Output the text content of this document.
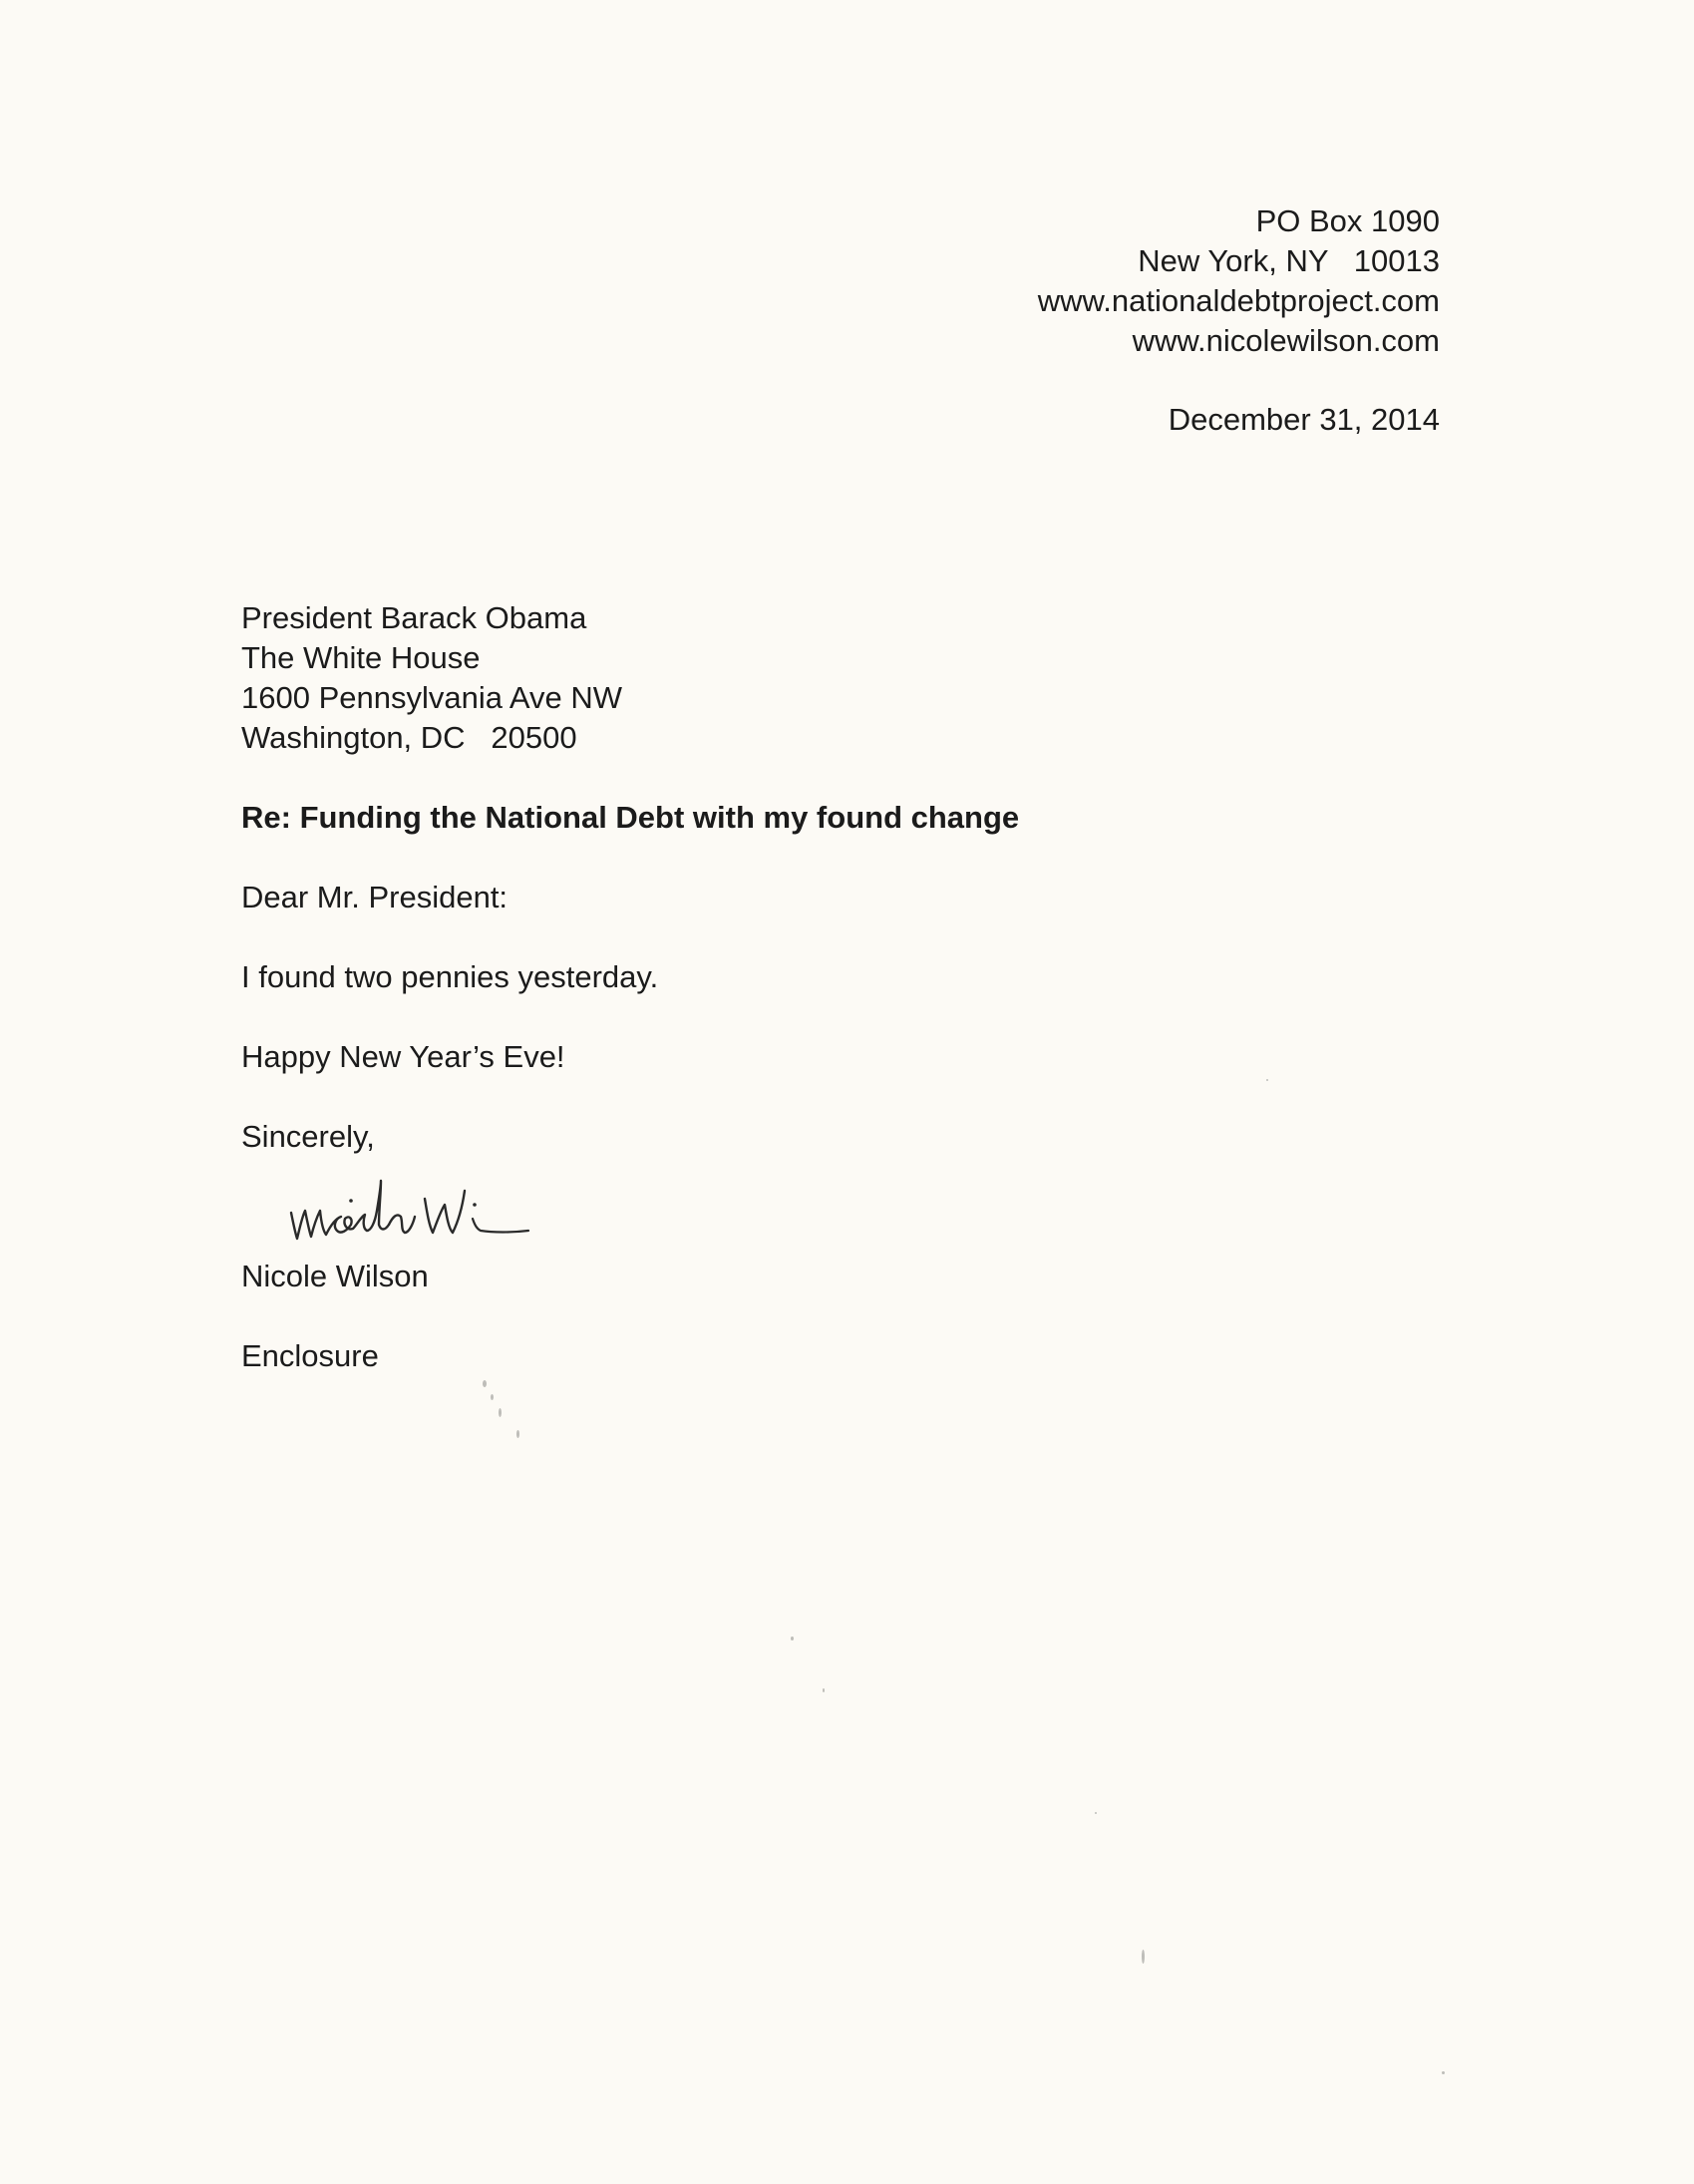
PO Box 1090
New York, NY   10013
www.nationaldebtproject.com
www.nicolewilson.com
December 31, 2014
President Barack Obama
The White House
1600 Pennsylvania Ave NW
Washington, DC   20500
Re: Funding the National Debt with my found change
Dear Mr. President:
I found two pennies yesterday.
Happy New Year’s Eve!
Sincerely,
Nicole Wilson
Enclosure
